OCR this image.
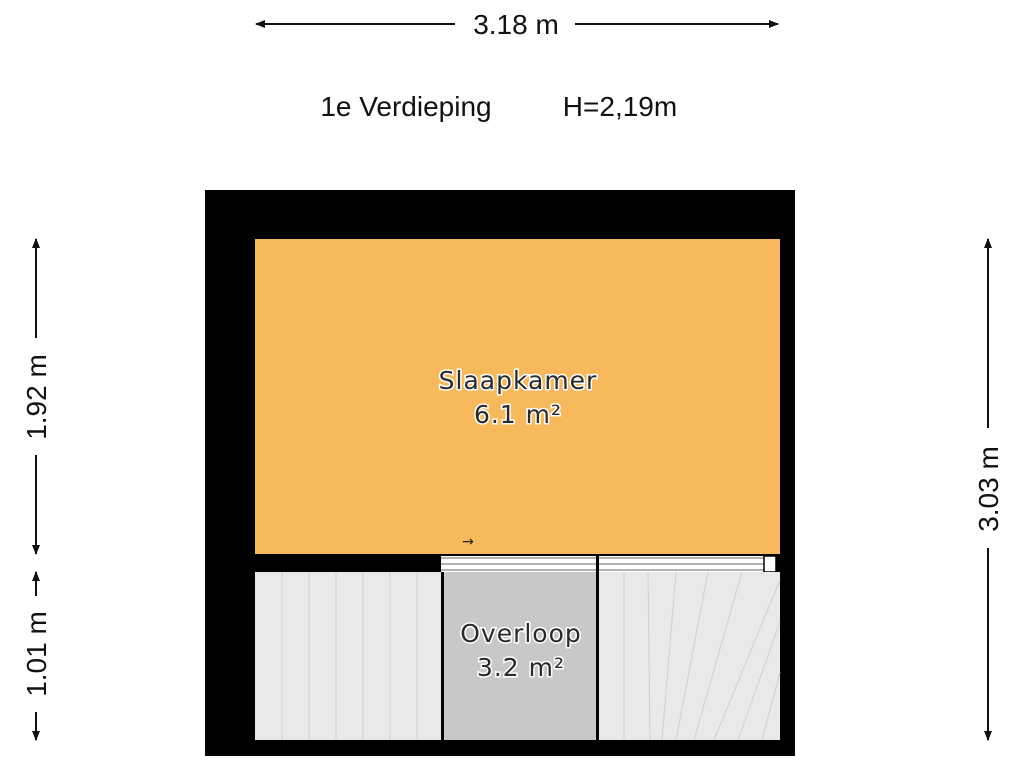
3.18 m
1e Verdieping	H=2,19m
→
Slaapkamer
6.1 m²
Overloop
3.2 m²
3.03 m
1.92 m
1.01 m
